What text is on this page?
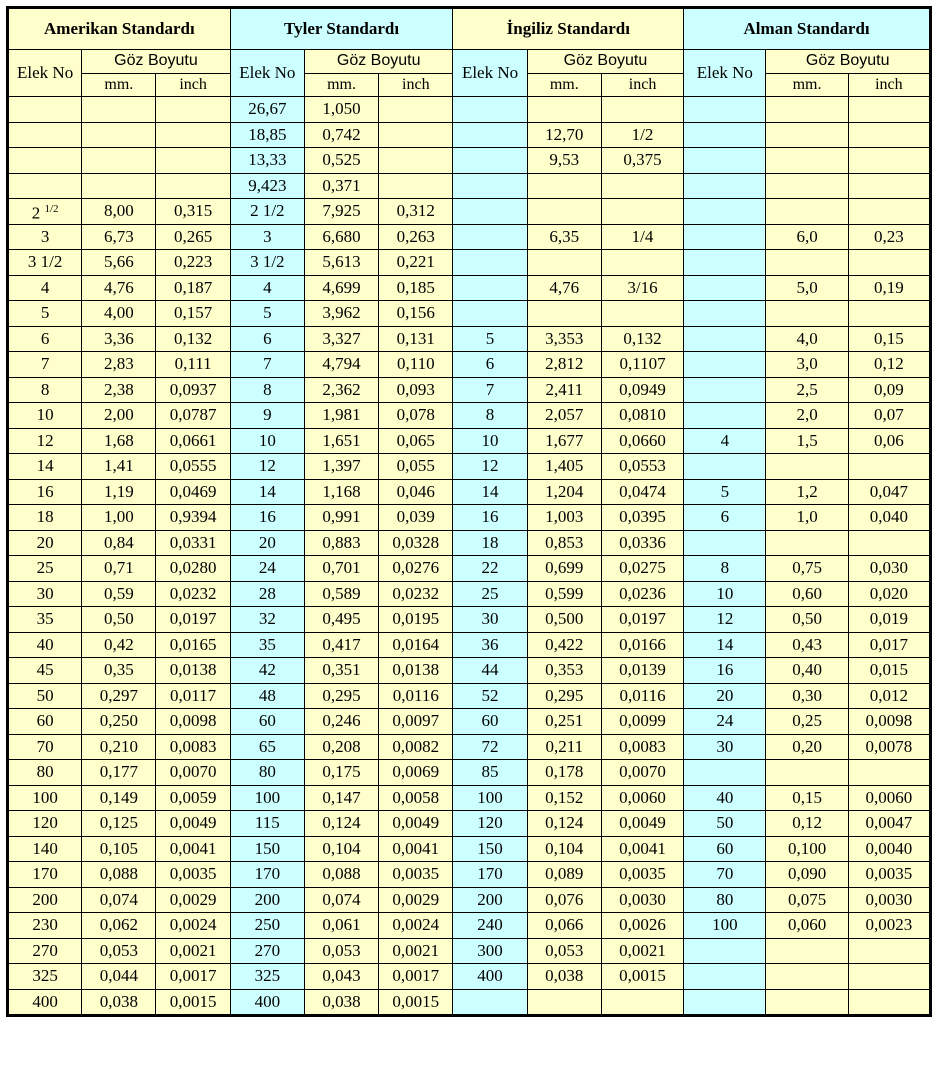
Amerikan Standardı			Tyler Standardı			İngiliz Standardı			Alman Standardı		
Elek No	Göz Boyutu		Elek No	Göz Boyutu		Elek No	Göz Boyutu		Elek No	Göz Boyutu	
	mm.	inch		mm.	inch		mm.	inch		mm.	inch
			26,67	1,050							
			18,85	0,742			12,70	1/2			
			13,33	0,525			9,53	0,375			
			9,423	0,371							
2 $^{1/2}$	8,00	0,315	2 1/2	7,925	0,312						
3	6,73	0,265	3	6,680	0,263		6,35	1/4		6,0	0,23
3 1/2	5,66	0,223	3 1/2	5,613	0,221						
4	4,76	0,187	4	4,699	0,185		4,76	3/16		5,0	0,19
5	4,00	0,157	5	3,962	0,156						
6	3,36	0,132	6	3,327	0,131	5	3,353	0,132		4,0	0,15
7	2,83	0,111	7	4,794	0,110	6	2,812	0,1107		3,0	0,12
8	2,38	0,0937	8	2,362	0,093	7	2,411	0,0949		2,5	0,09
10	2,00	0,0787	9	1,981	0,078	8	2,057	0,0810		2,0	0,07
12	1,68	0,0661	10	1,651	0,065	10	1,677	0,0660	4	1,5	0,06
14	1,41	0,0555	12	1,397	0,055	12	1,405	0,0553			
16	1,19	0,0469	14	1,168	0,046	14	1,204	0,0474	5	1,2	0,047
18	1,00	0,9394	16	0,991	0,039	16	1,003	0,0395	6	1,0	0,040
20	0,84	0,0331	20	0,883	0,0328	18	0,853	0,0336			
25	0,71	0,0280	24	0,701	0,0276	22	0,699	0,0275	8	0,75	0,030
30	0,59	0,0232	28	0,589	0,0232	25	0,599	0,0236	10	0,60	0,020
35	0,50	0,0197	32	0,495	0,0195	30	0,500	0,0197	12	0,50	0,019
40	0,42	0,0165	35	0,417	0,0164	36	0,422	0,0166	14	0,43	0,017
45	0,35	0,0138	42	0,351	0,0138	44	0,353	0,0139	16	0,40	0,015
50	0,297	0,0117	48	0,295	0,0116	52	0,295	0,0116	20	0,30	0,012
60	0,250	0,0098	60	0,246	0,0097	60	0,251	0,0099	24	0,25	0,0098
70	0,210	0,0083	65	0,208	0,0082	72	0,211	0,0083	30	0,20	0,0078
80	0,177	0,0070	80	0,175	0,0069	85	0,178	0,0070			
100	0,149	0,0059	100	0,147	0,0058	100	0,152	0,0060	40	0,15	0,0060
120	0,125	0,0049	115	0,124	0,0049	120	0,124	0,0049	50	0,12	0,0047
140	0,105	0,0041	150	0,104	0,0041	150	0,104	0,0041	60	0,100	0,0040
170	0,088	0,0035	170	0,088	0,0035	170	0,089	0,0035	70	0,090	0,0035
200	0,074	0,0029	200	0,074	0,0029	200	0,076	0,0030	80	0,075	0,0030
230	0,062	0,0024	250	0,061	0,0024	240	0,066	0,0026	100	0,060	0,0023
270	0,053	0,0021	270	0,053	0,0021	300	0,053	0,0021			
325	0,044	0,0017	325	0,043	0,0017	400	0,038	0,0015			
400	0,038	0,0015	400	0,038	0,0015						
